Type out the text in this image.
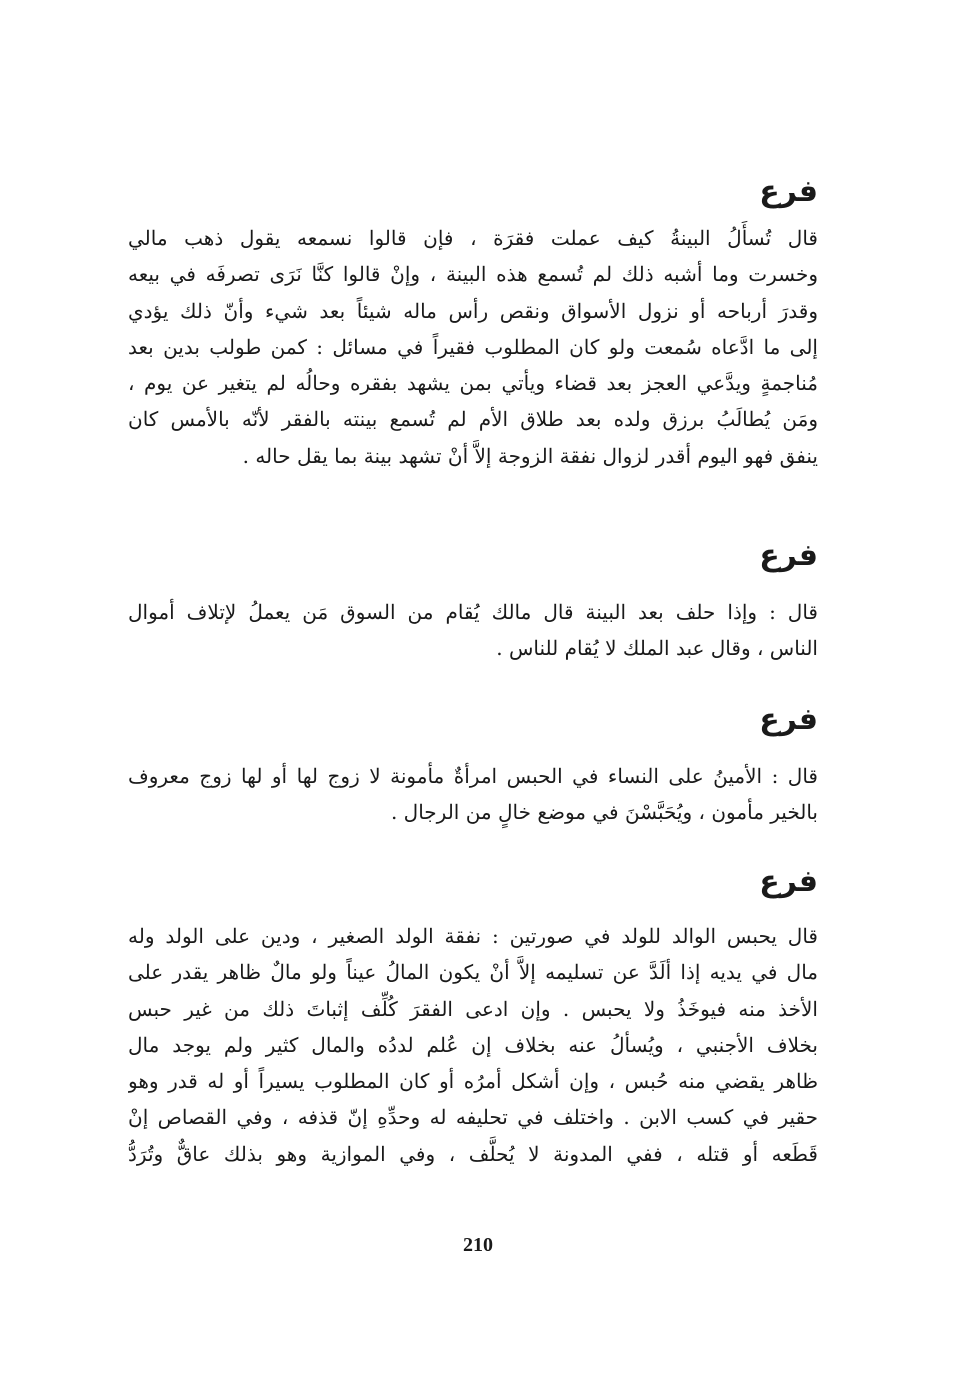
فرع
قال تُسأَلُ البينةُ كيف عملت فقرَة ، فإن قالوا نسمعه يقول ذهب مالي
وخسرت وما أشبه ذلك لم تُسمع هذه البينة ، وإنْ قالوا كنَّا نَرَى تصرفَه في بيعه
وقدرَ أرباحه أو نزول الأسواق ونقص رأس ماله شيئاً بعد شيء وأنّ ذلك يؤدي
إلى ما ادَّعاه سُمعت ولو كان المطلوب فقيراً في مسائل : كمن طولب بدين بعد
مُناجمةٍ ويدَّعي العجز بعد قضاء ويأتي بمن يشهد بفقره وحالُه لم يتغير عن يوم ،
ومَن يُطالَبُ برزق ولده بعد طلاق الأم لم تُسمع بينته بالفقر لأنّه بالأمس كان
ينفق فهو اليوم أقدر لزوال نفقة الزوجة إلاَّ أنْ تشهد بينة بما يقل حاله .
فرع
قال : وإذا حلف بعد البينة قال مالك يُقام من السوق مَن يعملُ لإتلاف أموال
الناس ، وقال عبد الملك لا يُقام للناس .
فرع
قال : الأمينُ على النساء في الحبس امرأةٌ مأمونة لا زوج لها أو لها زوج معروف
بالخير مأمون ، ويُحَبَّسْنَ في موضع خالٍ من الرجال .
فرع
قال يحبس الوالد للولد في صورتين : نفقة الولد الصغير ، ودين على الولد وله
مال في يديه إذا ألَدَّ عن تسليمه إلاَّ أنْ يكون المالُ عيناً ولو مالٌ ظاهر يقدر على
الأخذ منه فيوخَذُ ولا يحبس . وإن ادعى الفقرَ كُلِّف إثباتَ ذلك من غير حبس
بخلاف الأجنبي ، ويُسألُ عنه بخلاف إن عُلم لددُه والمال كثير ولم يوجد مال
ظاهر يقضي منه حُبس ، وإن أشكل أمرُه أو كان المطلوب يسيراً أو له قدر وهو
حقير في كسب الابن . واختلف في تحليفه له وحدِّهِ إنّ قذفه ، وفي القصاص إنْ
قَطَعه أو قتله ، ففي المدونة لا يُحلَّف ، وفي الموازية وهو بذلك عاقٌّ وتُرَدُّ
210
